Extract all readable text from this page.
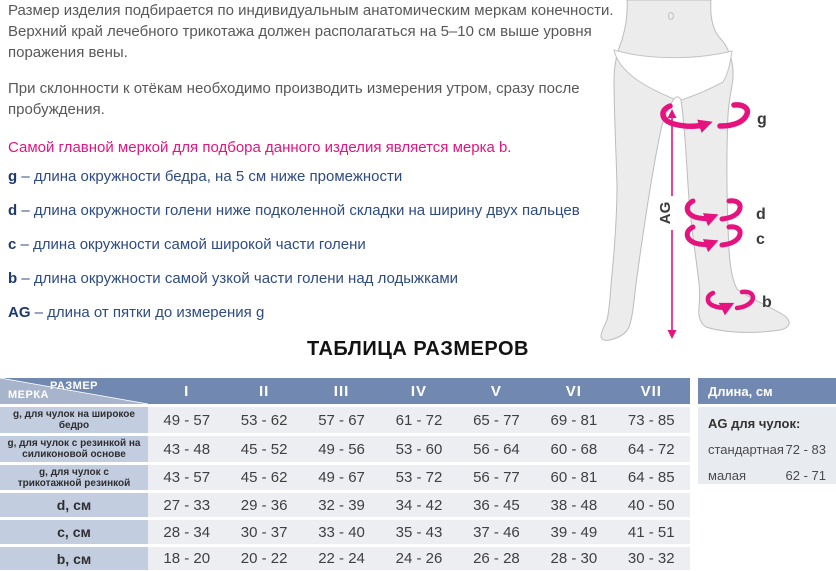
Размер изделия подбирается по индивидуальным анатомическим меркам конечности. Верхний край лечебного трикотажа должен располагаться на 5–10 см выше уровня поражения вены.

При склонности к отёкам необходимо производить измерения утром, сразу после пробуждения.

Самой главной меркой для подбора данного изделия является мерка b.

g – длина окружности бедра, на 5 см ниже промежности
d – длина окружности голени ниже подколенной складки на ширину двух пальцев
c – длина окружности самой широкой части голени
b – длина окружности самой узкой части голени над лодыжками
AG – длина от пятки до измерения g
AG
g
d
c
b
ТАБЛИЦА РАЗМЕРОВ
РАЗМЕР
МЕРКА	I	II	III	IV	V	VI	VII
g, для чулок на широкое бедро	49 - 57	53 - 62	57 - 67	61 - 72	65 - 77	69 - 81	73 - 85
g, для чулок с резинкой на силиконовой основе	43 - 48	45 - 52	49 - 56	53 - 60	56 - 64	60 - 68	64 - 72
g, для чулок с трикотажной резинкой	43 - 57	45 - 62	49 - 67	53 - 72	56 - 77	60 - 81	64 - 85
d, см	27 - 33	29 - 36	32 - 39	34 - 42	36 - 45	38 - 48	40 - 50
c, см	28 - 34	30 - 37	33 - 40	35 - 43	37 - 46	39 - 49	41 - 51
b, см	18 - 20	20 - 22	22 - 24	24 - 26	26 - 28	28 - 30	30 - 32
Длина, см
AG для чулок:
стандартная 72 - 83
малая	62 - 71
